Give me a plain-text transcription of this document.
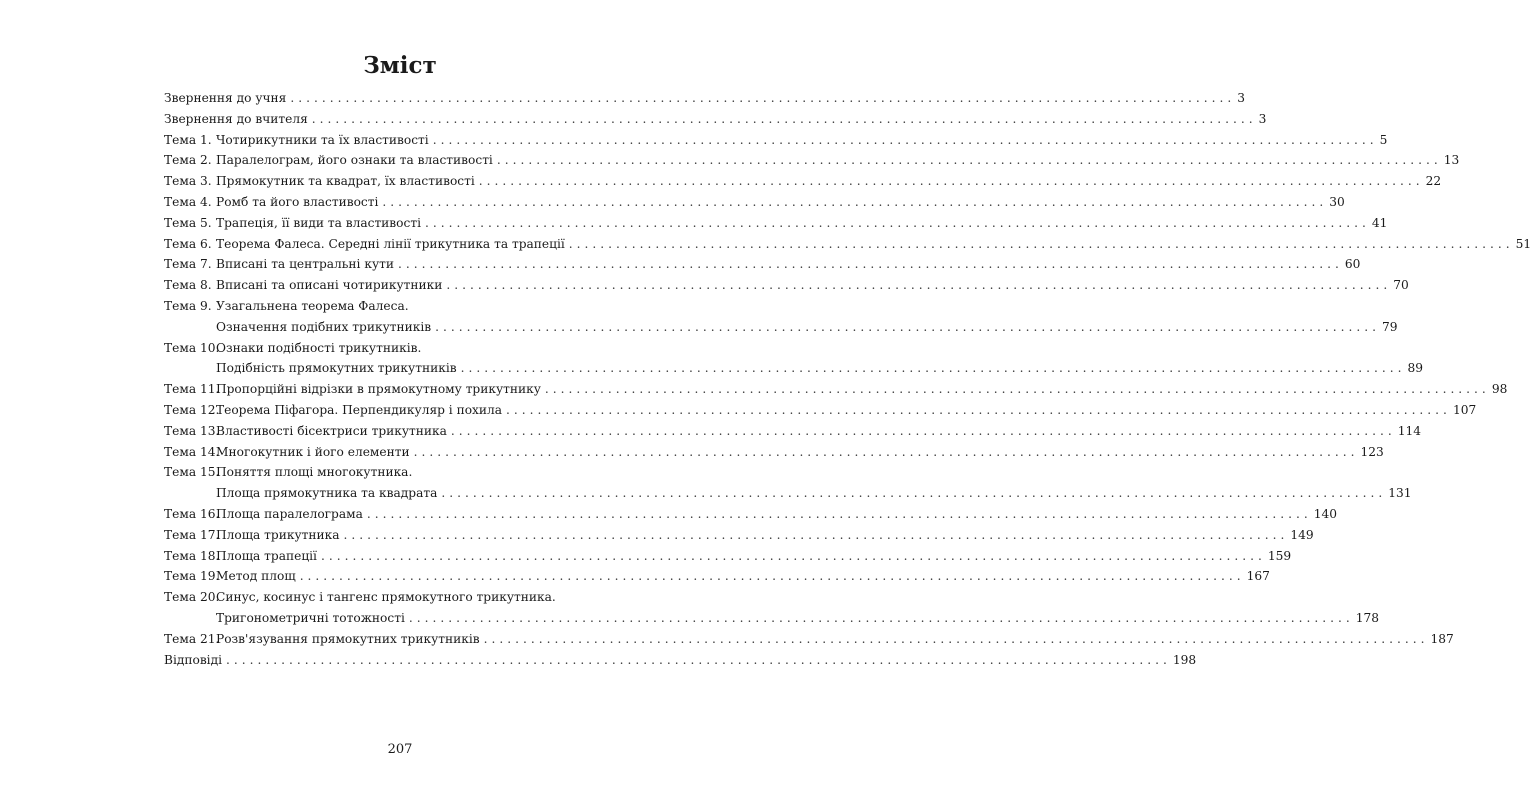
Зміст
Звернення до учня ........................................................................................................................ 3
Звернення до вчителя ........................................................................................................................ 3
Тема 1. Чотирикутники та їх властивості ........................................................................................................................ 5
Тема 2. Паралелограм, його ознаки та властивості ........................................................................................................................ 13
Тема 3. Прямокутник та квадрат, їх властивості ........................................................................................................................ 22
Тема 4. Ромб та його властивості ........................................................................................................................ 30
Тема 5. Трапеція, її види та властивості ........................................................................................................................ 41
Тема 6. Теорема Фалеса. Середні лінії трикутника та трапеції ........................................................................................................................ 51
Тема 7. Вписані та центральні кути ........................................................................................................................ 60
Тема 8. Вписані та описані чотирикутники ........................................................................................................................ 70
Тема 9. Узагальнена теорема Фалеса.
Означення подібних трикутників ........................................................................................................................ 79
Тема 10.
Ознаки подібності трикутників.
Подібність прямокутних трикутників ........................................................................................................................ 89
Тема 11.
Пропорційні відрізки в прямокутному трикутнику ........................................................................................................................ 98
Тема 12.
Теорема Піфагора. Перпендикуляр і похила ........................................................................................................................ 107
Тема 13.
Властивості бісектриси трикутника ........................................................................................................................ 114
Тема 14.
Многокутник і його елементи ........................................................................................................................ 123
Тема 15.
Поняття площі многокутника.
Площа прямокутника та квадрата ........................................................................................................................ 131
Тема 16.
Площа паралелограма ........................................................................................................................ 140
Тема 17.
Площа трикутника ........................................................................................................................ 149
Тема 18.
Площа трапеції ........................................................................................................................ 159
Тема 19.
Метод площ ........................................................................................................................ 167
Тема 20.
Синус, косинус і тангенс прямокутного трикутника.
Тригонометричні тотожності ........................................................................................................................ 178
Тема 21.
Розв'язування прямокутних трикутників ........................................................................................................................ 187
Відповіді ........................................................................................................................ 198
207
